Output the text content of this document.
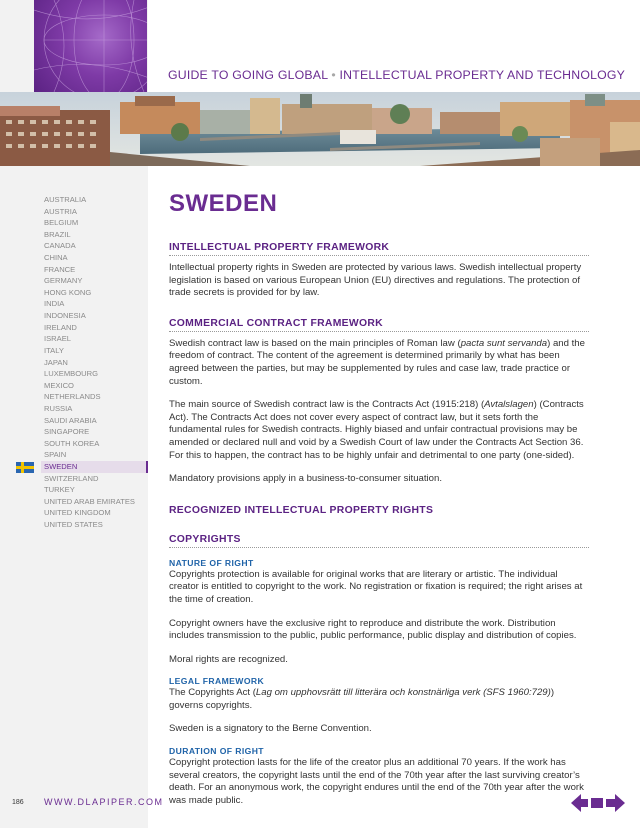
GUIDE TO GOING GLOBAL • INTELLECTUAL PROPERTY AND TECHNOLOGY
AUSTRALIA
AUSTRIA
BELGIUM
BRAZIL
CANADA
CHINA
FRANCE
GERMANY
HONG KONG
INDIA
INDONESIA
IRELAND
ISRAEL
ITALY
JAPAN
LUXEMBOURG
MEXICO
NETHERLANDS
RUSSIA
SAUDI ARABIA
SINGAPORE
SOUTH KOREA
SPAIN
SWEDEN
SWITZERLAND
TURKEY
UNITED ARAB EMIRATES
UNITED KINGDOM
UNITED STATES
SWEDEN
INTELLECTUAL PROPERTY FRAMEWORK

Intellectual property rights in Sweden are protected by various laws. Swedish intellectual property legislation is based on various European Union (EU) directives and regulations. The protection of trade secrets is provided for by law.

COMMERCIAL CONTRACT FRAMEWORK

Swedish contract law is based on the main principles of Roman law (pacta sunt servanda) and the freedom of contract. The content of the agreement is determined primarily by what has been agreed between the parties, but may be supplemented by rules and case law, trade practice or custom.

The main source of Swedish contract law is the Contracts Act (1915:218) (Avtalslagen) (Contracts Act). The Contracts Act does not cover every aspect of contract law, but it sets forth the fundamental rules for Swedish contracts. Highly biased and unfair contractual provisions may be amended or declared null and void by a Swedish Court of law under the Contracts Act Section 36. For this to happen, the contract has to be highly unfair and detrimental to one party (one-sided).

Mandatory provisions apply in a business-to-consumer situation.

RECOGNIZED INTELLECTUAL PROPERTY RIGHTS
COPYRIGHTS
NATURE OF RIGHT

Copyrights protection is available for original works that are literary or artistic. The individual creator is entitled to copyright to the work. No registration or fixation is required; the right arises at the time of creation.

Copyright owners have the exclusive right to reproduce and distribute the work. Distribution includes transmission to the public, public performance, public display and distribution of copies.

Moral rights are recognized.

LEGAL FRAMEWORK

The Copyrights Act (Lag om upphovsrätt till litterära och konstnärliga verk (SFS 1960:729)) governs copyrights.

Sweden is a signatory to the Berne Convention.

DURATION OF RIGHT

Copyright protection lasts for the life of the creator plus an additional 70 years. If the work has several creators, the copyright lasts until the end of the 70th year after the last surviving creator’s death. For an anonymous work, the copyright endures until the end of the 70th year after the work was made public.

186 WWW.DLAPIPER.COM
